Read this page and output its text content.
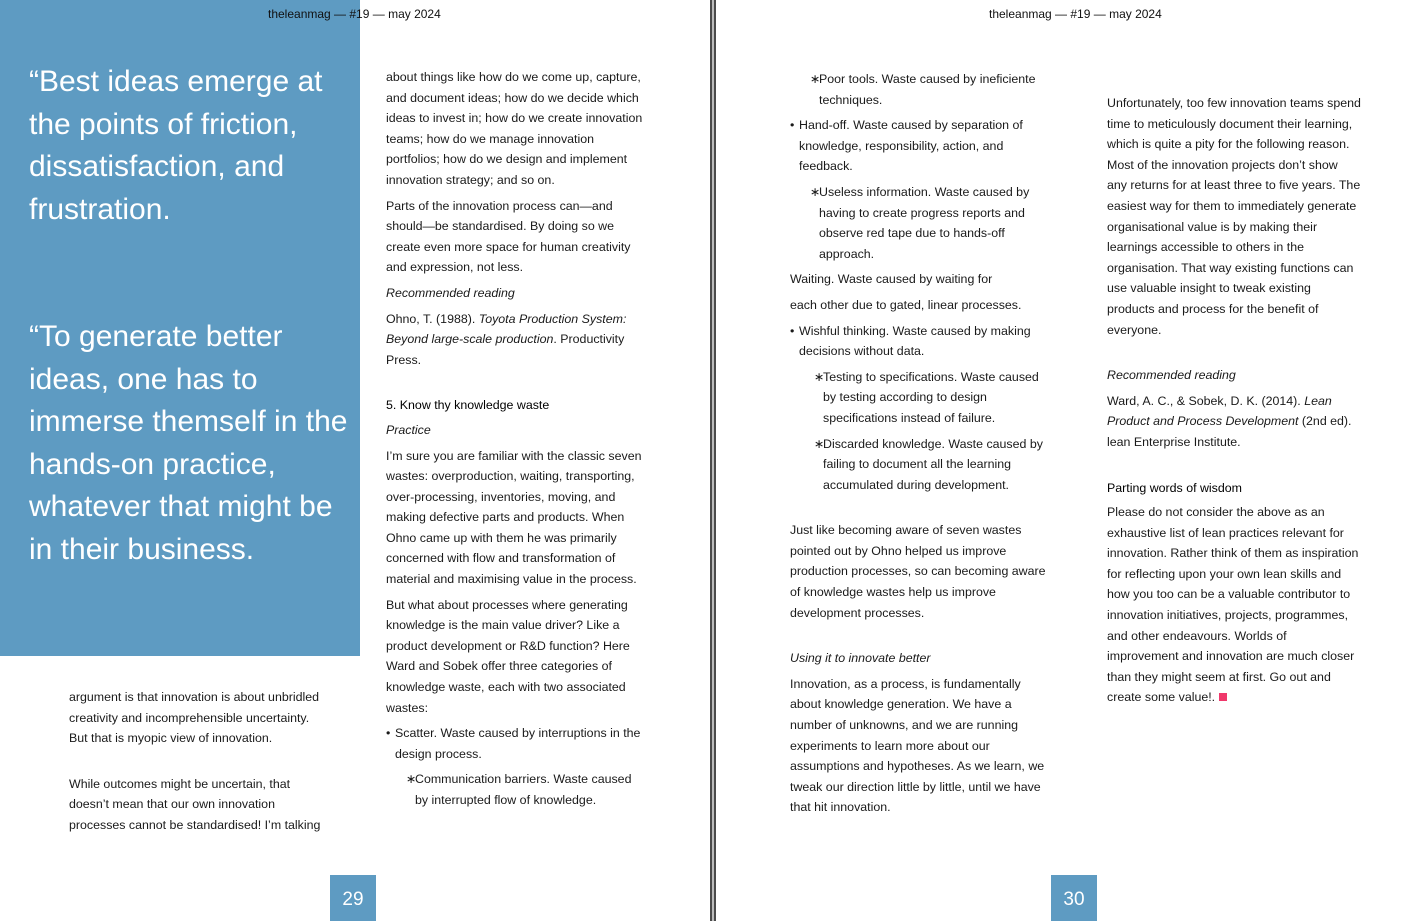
“Best ideas emerge at the points of friction, dissatisfaction, and frustration.
“To generate better ideas, one has to immerse themself in the hands-on practice, whatever that might be in their business.
theleanmag — #19 — may 2024

argument is that innovation is about unbridled creativity and incomprehensible uncertainty. But that is myopic view of innovation.

While outcomes might be uncertain, that doesn’t mean that our own innovation processes cannot be standardised! I’m talking

about things like how do we come up, capture, and document ideas; how do we decide which ideas to invest in; how do we create innovation teams; how do we manage innovation portfolios; how do we design and implement innovation strategy; and so on.

Parts of the innovation process can—and should—be standardised. By doing so we create even more space for human creativity and expression, not less.

Recommended reading

Ohno, T. (1988). Toyota Production System: Beyond large-scale production. Productivity Press.

5. Know thy knowledge waste

Practice

I’m sure you are familiar with the classic seven wastes: overproduction, waiting, transporting, over-processing, inventories, moving, and making defective parts and products. When Ohno came up with them he was primarily concerned with flow and transformation of material and maximising value in the process.

But what about processes where generating knowledge is the main value driver? Like a product development or R&D function? Here Ward and Sobek offer three categories of knowledge waste, each with two associated wastes:

• Scatter. Waste caused by interruptions in the design process.
∗
Communication barriers. Waste caused by interrupted flow of knowledge.
29
theleanmag — #19 — may 2024
∗
Poor tools. Waste caused by ineficiente techniques.
• Hand-off. Waste caused by separation of knowledge, responsibility, action, and feedback.
∗
Useless information. Waste caused by having to create progress reports and observe red tape due to hands-off approach.

Waiting. Waste caused by waiting for

each other due to gated, linear processes.

• Wishful thinking. Waste caused by making decisions without data.
∗
Testing to specifications. Waste caused by testing according to design specifications instead of failure.
∗
Discarded knowledge. Waste caused by failing to document all the learning accumulated during development.

Just like becoming aware of seven wastes pointed out by Ohno helped us improve production processes, so can becoming aware of knowledge wastes help us improve development processes.

Using it to innovate better

Innovation, as a process, is fundamentally about knowledge generation. We have a number of unknowns, and we are running experiments to learn more about our assumptions and hypotheses. As we learn, we tweak our direction little by little, until we have that hit innovation.

Unfortunately, too few innovation teams spend time to meticulously document their learning, which is quite a pity for the following reason. Most of the innovation projects don’t show any returns for at least three to five years. The easiest way for them to immediately generate organisational value is by making their learnings accessible to others in the organisation. That way existing functions can use valuable insight to tweak existing products and process for the benefit of everyone.

Recommended reading

Ward, A. C., & Sobek, D. K. (2014). Lean Product and Process Development (2nd ed). lean Enterprise Institute.

Parting words of wisdom

Please do not consider the above as an exhaustive list of lean practices relevant for innovation. Rather think of them as inspiration for reflecting upon your own lean skills and how you too can be a valuable contributor to innovation initiatives, projects, programmes, and other endeavours. Worlds of improvement and innovation are much closer than they might seem at first. Go out and create some value!.

30
